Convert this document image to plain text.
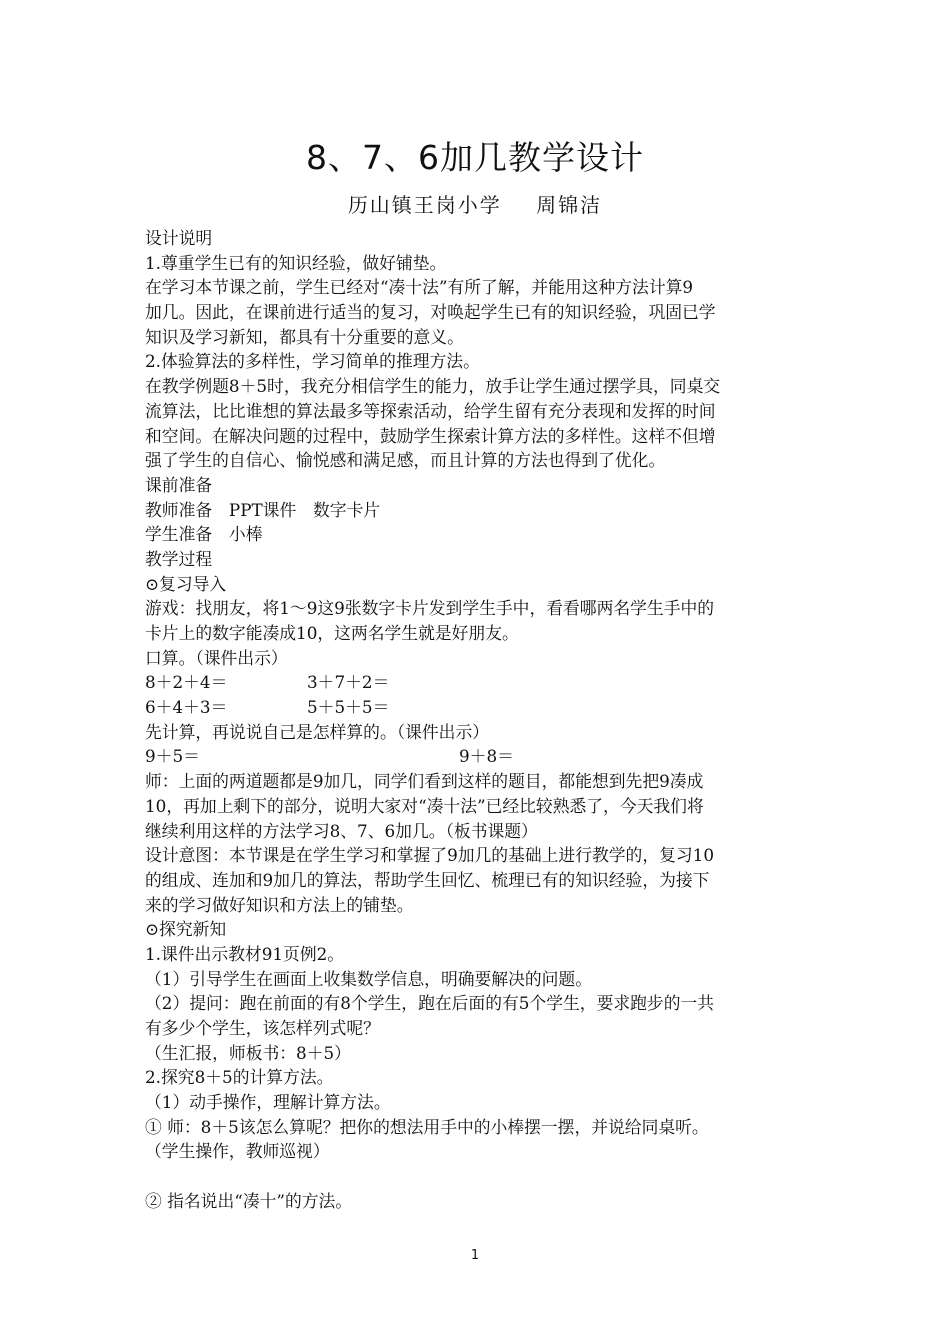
8、7、6加几教学设计
历山镇王岗小学 周锦洁
设计说明
1.尊重学生已有的知识经验，做好铺垫。
在学习本节课之前，学生已经对“凑十法”有所了解，并能用这种方法计算9
加几。因此，在课前进行适当的复习，对唤起学生已有的知识经验，巩固已学
知识及学习新知，都具有十分重要的意义。
2.体验算法的多样性，学习简单的推理方法。
在教学例题8＋5时，我充分相信学生的能力，放手让学生通过摆学具，同桌交
流算法，比比谁想的算法最多等探索活动，给学生留有充分表现和发挥的时间
和空间。在解决问题的过程中，鼓励学生探索计算方法的多样性。这样不但增
强了学生的自信心、愉悦感和满足感，而且计算的方法也得到了优化。
课前准备
教师准备　PPT课件　数字卡片
学生准备　小棒
教学过程
⊙复习导入
游戏：找朋友，将1～9这9张数字卡片发到学生手中，看看哪两名学生手中的
卡片上的数字能凑成10，这两名学生就是好朋友。
口算。（课件出示）
8＋2＋4＝	3＋7＋2＝
6＋4＋3＝	5＋5＋5＝
先计算，再说说自己是怎样算的。（课件出示）
9＋5＝	9＋8＝
师：上面的两道题都是9加几，同学们看到这样的题目，都能想到先把9凑成
10，再加上剩下的部分，说明大家对“凑十法”已经比较熟悉了，今天我们将
继续利用这样的方法学习8、7、6加几。（板书课题）
设计意图：本节课是在学生学习和掌握了9加几的基础上进行教学的，复习10
的组成、连加和9加几的算法，帮助学生回忆、梳理已有的知识经验，为接下
来的学习做好知识和方法上的铺垫。
⊙探究新知
1.课件出示教材91页例2。
（1）引导学生在画面上收集数学信息，明确要解决的问题。
（2）提问：跑在前面的有8个学生，跑在后面的有5个学生，要求跑步的一共
有多少个学生，该怎样列式呢？
（生汇报，师板书：8＋5）
2.探究8＋5的计算方法。
（1）动手操作，理解计算方法。
① 师：8＋5该怎么算呢？把你的想法用手中的小棒摆一摆，并说给同桌听。
（学生操作，教师巡视）
② 指名说出“凑十”的方法。
1
